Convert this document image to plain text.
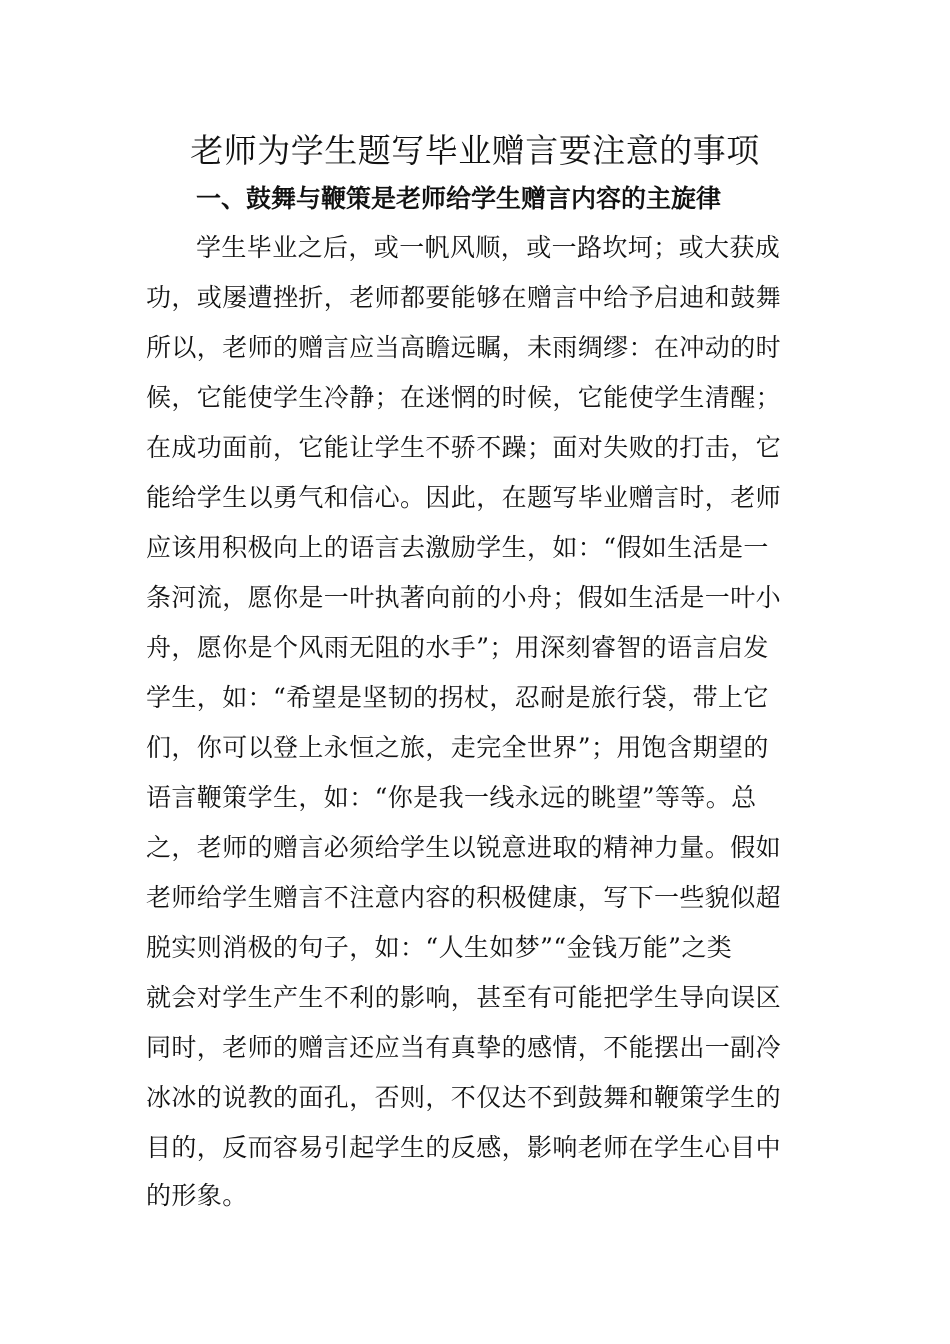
老师为学生题写毕业赠言要注意的事项
一、鼓舞与鞭策是老师给学生赠言内容的主旋律
学生毕业之后，或一帆风顺，或一路坎坷；或大获成
功，或屡遭挫折，老师都要能够在赠言中给予启迪和鼓舞
所以，老师的赠言应当高瞻远瞩，未雨绸缪：在冲动的时
候，它能使学生冷静；在迷惘的时候，它能使学生清醒；
在成功面前，它能让学生不骄不躁；面对失败的打击，它
能给学生以勇气和信心。因此，在题写毕业赠言时，老师
应该用积极向上的语言去激励学生，如：“假如生活是一
条河流，愿你是一叶执著向前的小舟；假如生活是一叶小
舟，愿你是个风雨无阻的水手”；用深刻睿智的语言启发
学生，如：“希望是坚韧的拐杖，忍耐是旅行袋，带上它
们，你可以登上永恒之旅，走完全世界”；用饱含期望的
语言鞭策学生，如：“你是我一线永远的眺望”等等。总
之，老师的赠言必须给学生以锐意进取的精神力量。假如
老师给学生赠言不注意内容的积极健康，写下一些貌似超
脱实则消极的句子，如：“人生如梦”“金钱万能”之类
就会对学生产生不利的影响，甚至有可能把学生导向误区
同时，老师的赠言还应当有真挚的感情，不能摆出一副冷
冰冰的说教的面孔，否则，不仅达不到鼓舞和鞭策学生的
目的，反而容易引起学生的反感，影响老师在学生心目中
的形象。
